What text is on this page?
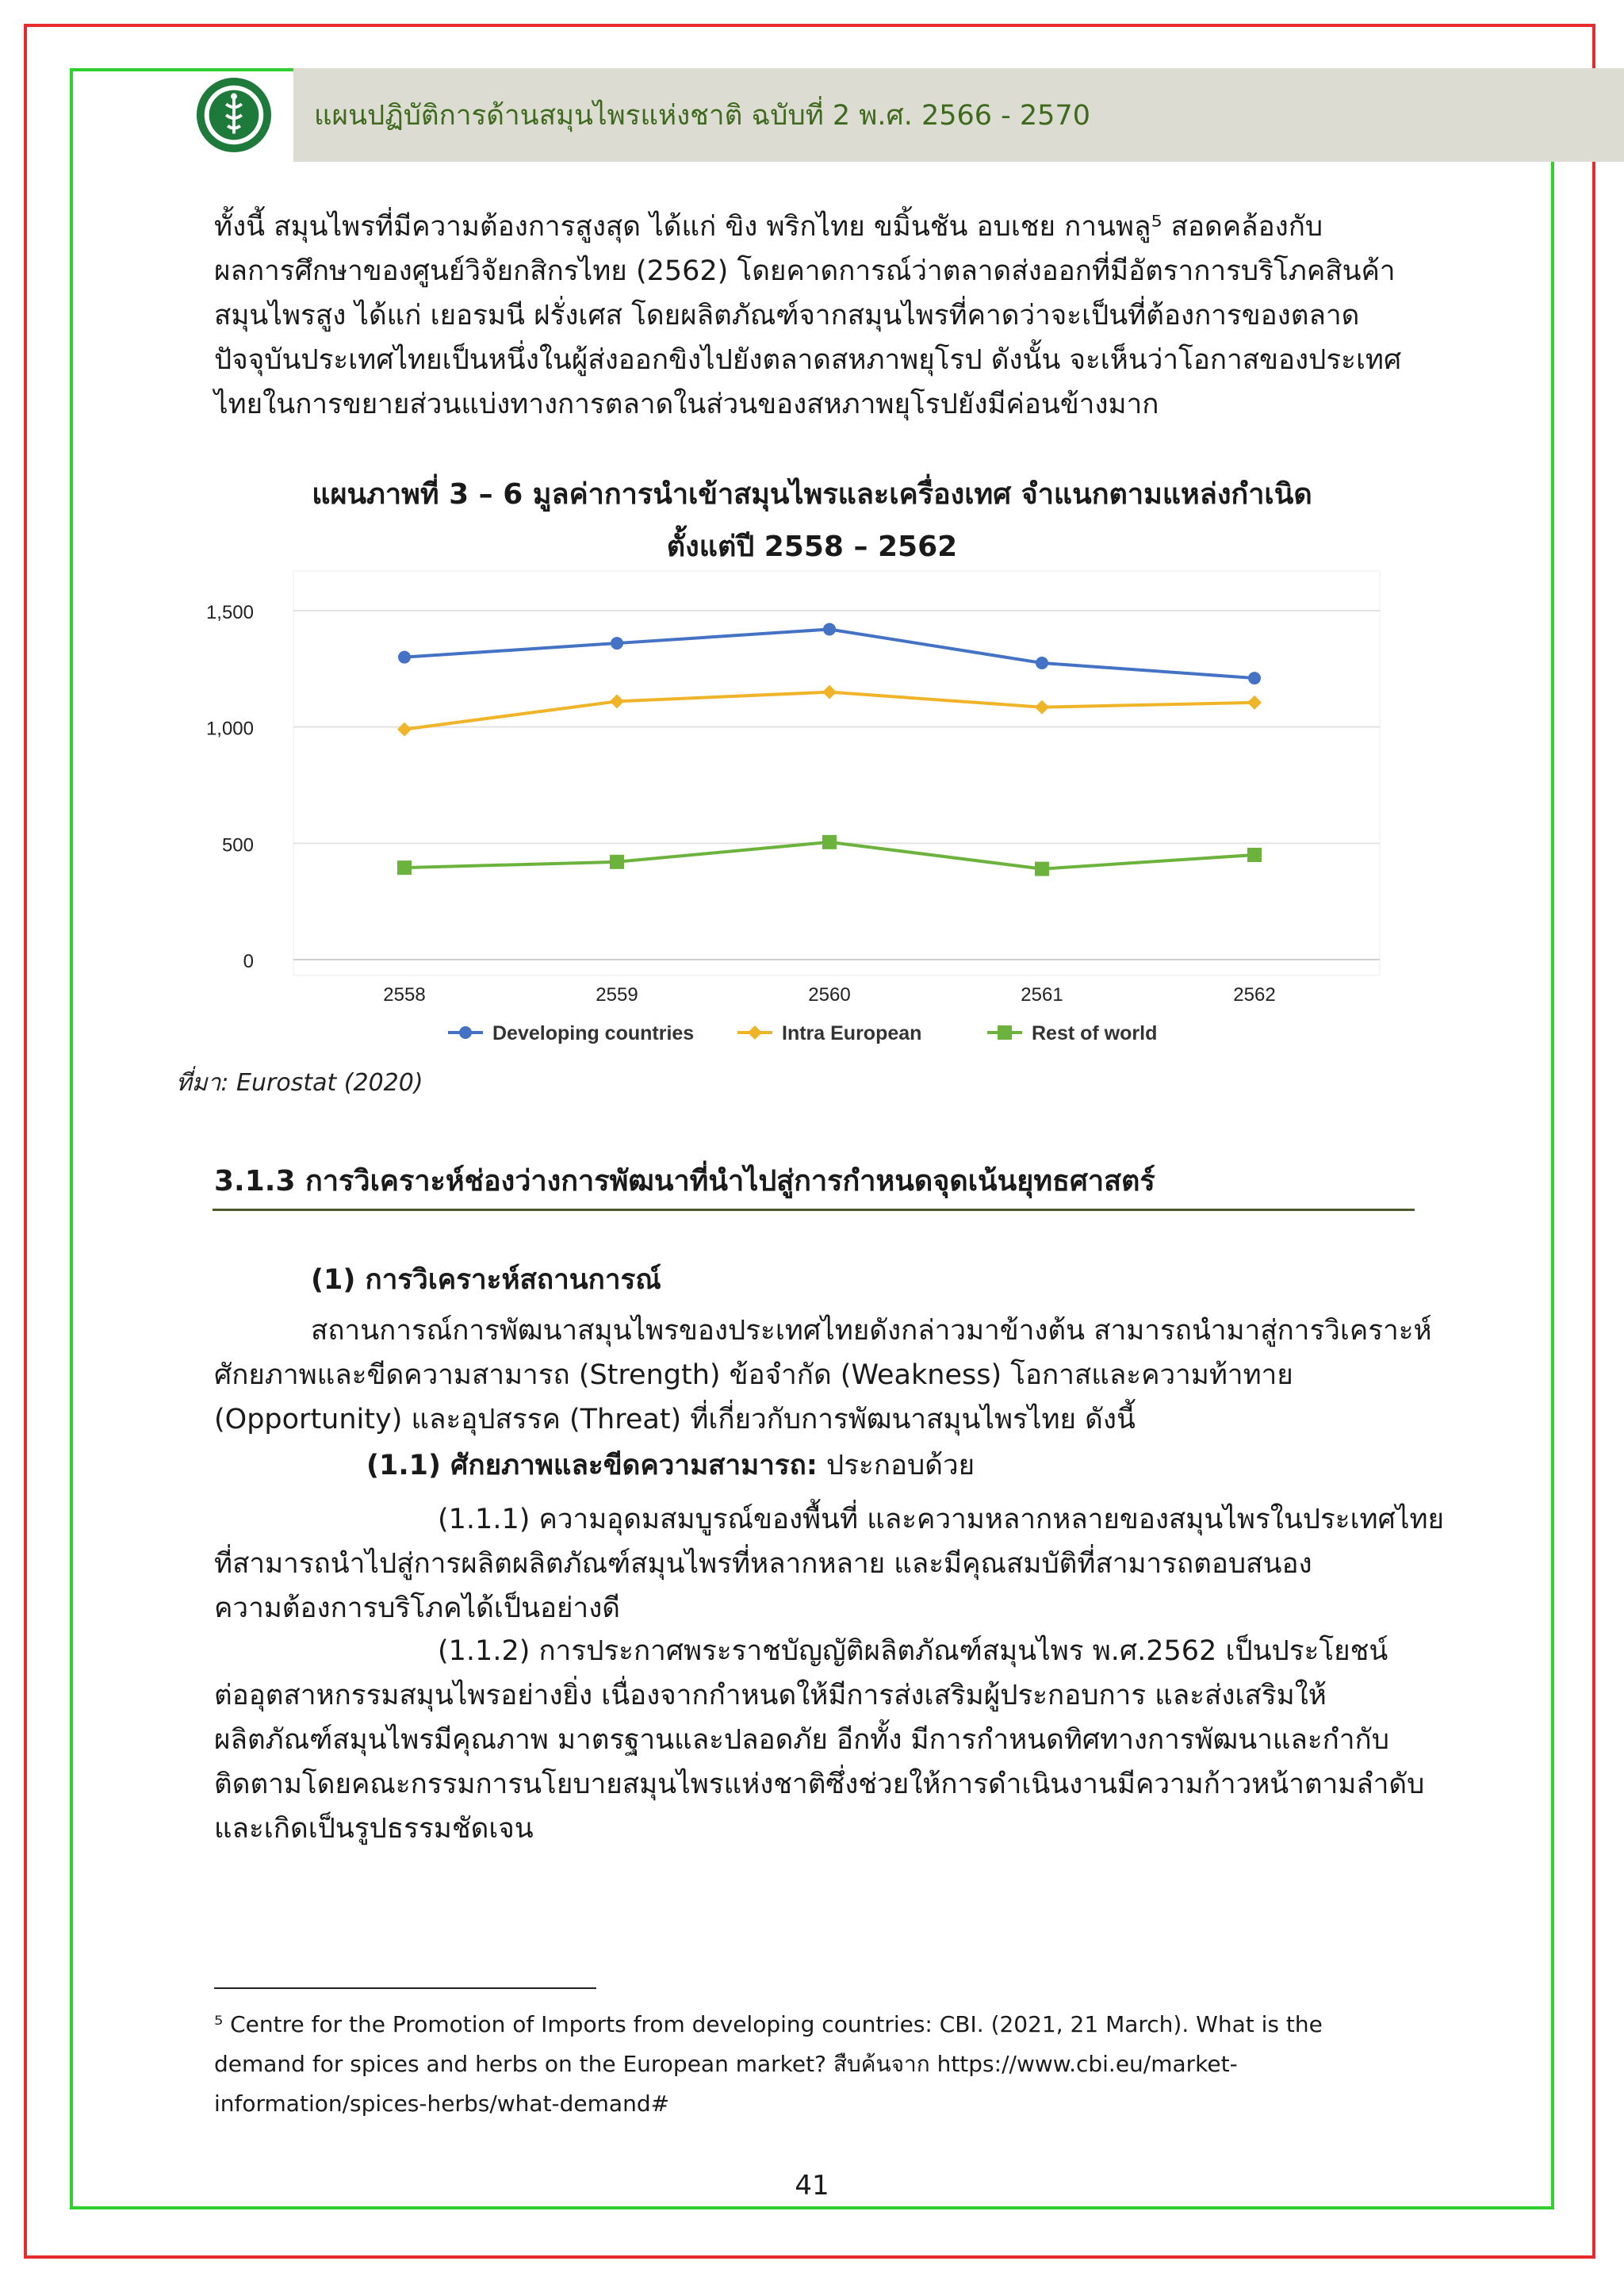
แผนปฏิบัติการด้านสมุนไพรแห่งชาติ ฉบับที่ 2 พ.ศ. 2566 - 2570
ทั้งนี้ สมุนไพรที่มีความต้องการสูงสุด ได้แก่ ขิง พริกไทย ขมิ้นชัน อบเชย กานพลู⁵ สอดคล้องกับ
ผลการศึกษาของศูนย์วิจัยกสิกรไทย (2562) โดยคาดการณ์ว่าตลาดส่งออกที่มีอัตราการบริโภคสินค้า
สมุนไพรสูง ได้แก่ เยอรมนี ฝรั่งเศส โดยผลิตภัณฑ์จากสมุนไพรที่คาดว่าจะเป็นที่ต้องการของตลาด
ปัจจุบันประเทศไทยเป็นหนึ่งในผู้ส่งออกขิงไปยังตลาดสหภาพยุโรป ดังนั้น จะเห็นว่าโอกาสของประเทศ
ไทยในการขยายส่วนแบ่งทางการตลาดในส่วนของสหภาพยุโรปยังมีค่อนข้างมาก
แผนภาพที่ 3 – 6 มูลค่าการนำเข้าสมุนไพรและเครื่องเทศ จำแนกตามแหล่งกำเนิด
ตั้งแต่ปี 2558 – 2562
0
500
1,000
1,500
2558	2559	2560	2561	2562
Developing countries	Intra European	Rest of world
ที่มา: Eurostat (2020)
3.1.3 การวิเคราะห์ช่องว่างการพัฒนาที่นำไปสู่การกำหนดจุดเน้นยุทธศาสตร์
(1) การวิเคราะห์สถานการณ์
สถานการณ์การพัฒนาสมุนไพรของประเทศไทยดังกล่าวมาข้างต้น สามารถนำมาสู่การวิเคราะห์
ศักยภาพและขีดความสามารถ (Strength) ข้อจำกัด (Weakness) โอกาสและความท้าทาย
(Opportunity) และอุปสรรค (Threat) ที่เกี่ยวกับการพัฒนาสมุนไพรไทย ดังนี้
(1.1) ศักยภาพและขีดความสามารถ: ประกอบด้วย
(1.1.1) ความอุดมสมบูรณ์ของพื้นที่ และความหลากหลายของสมุนไพรในประเทศไทย
ที่สามารถนำไปสู่การผลิตผลิตภัณฑ์สมุนไพรที่หลากหลาย และมีคุณสมบัติที่สามารถตอบสนอง
ความต้องการบริโภคได้เป็นอย่างดี
(1.1.2) การประกาศพระราชบัญญัติผลิตภัณฑ์สมุนไพร พ.ศ.2562 เป็นประโยชน์
ต่ออุตสาหกรรมสมุนไพรอย่างยิ่ง เนื่องจากกำหนดให้มีการส่งเสริมผู้ประกอบการ และส่งเสริมให้
ผลิตภัณฑ์สมุนไพรมีคุณภาพ มาตรฐานและปลอดภัย อีกทั้ง มีการกำหนดทิศทางการพัฒนาและกำกับ
ติดตามโดยคณะกรรมการนโยบายสมุนไพรแห่งชาติซึ่งช่วยให้การดำเนินงานมีความก้าวหน้าตามลำดับ
และเกิดเป็นรูปธรรมชัดเจน
⁵ Centre for the Promotion of Imports from developing countries: CBI. (2021, 21 March). What is the
demand for spices and herbs on the European market? สืบค้นจาก https://www.cbi.eu/market-
information/spices-herbs/what-demand#
41
